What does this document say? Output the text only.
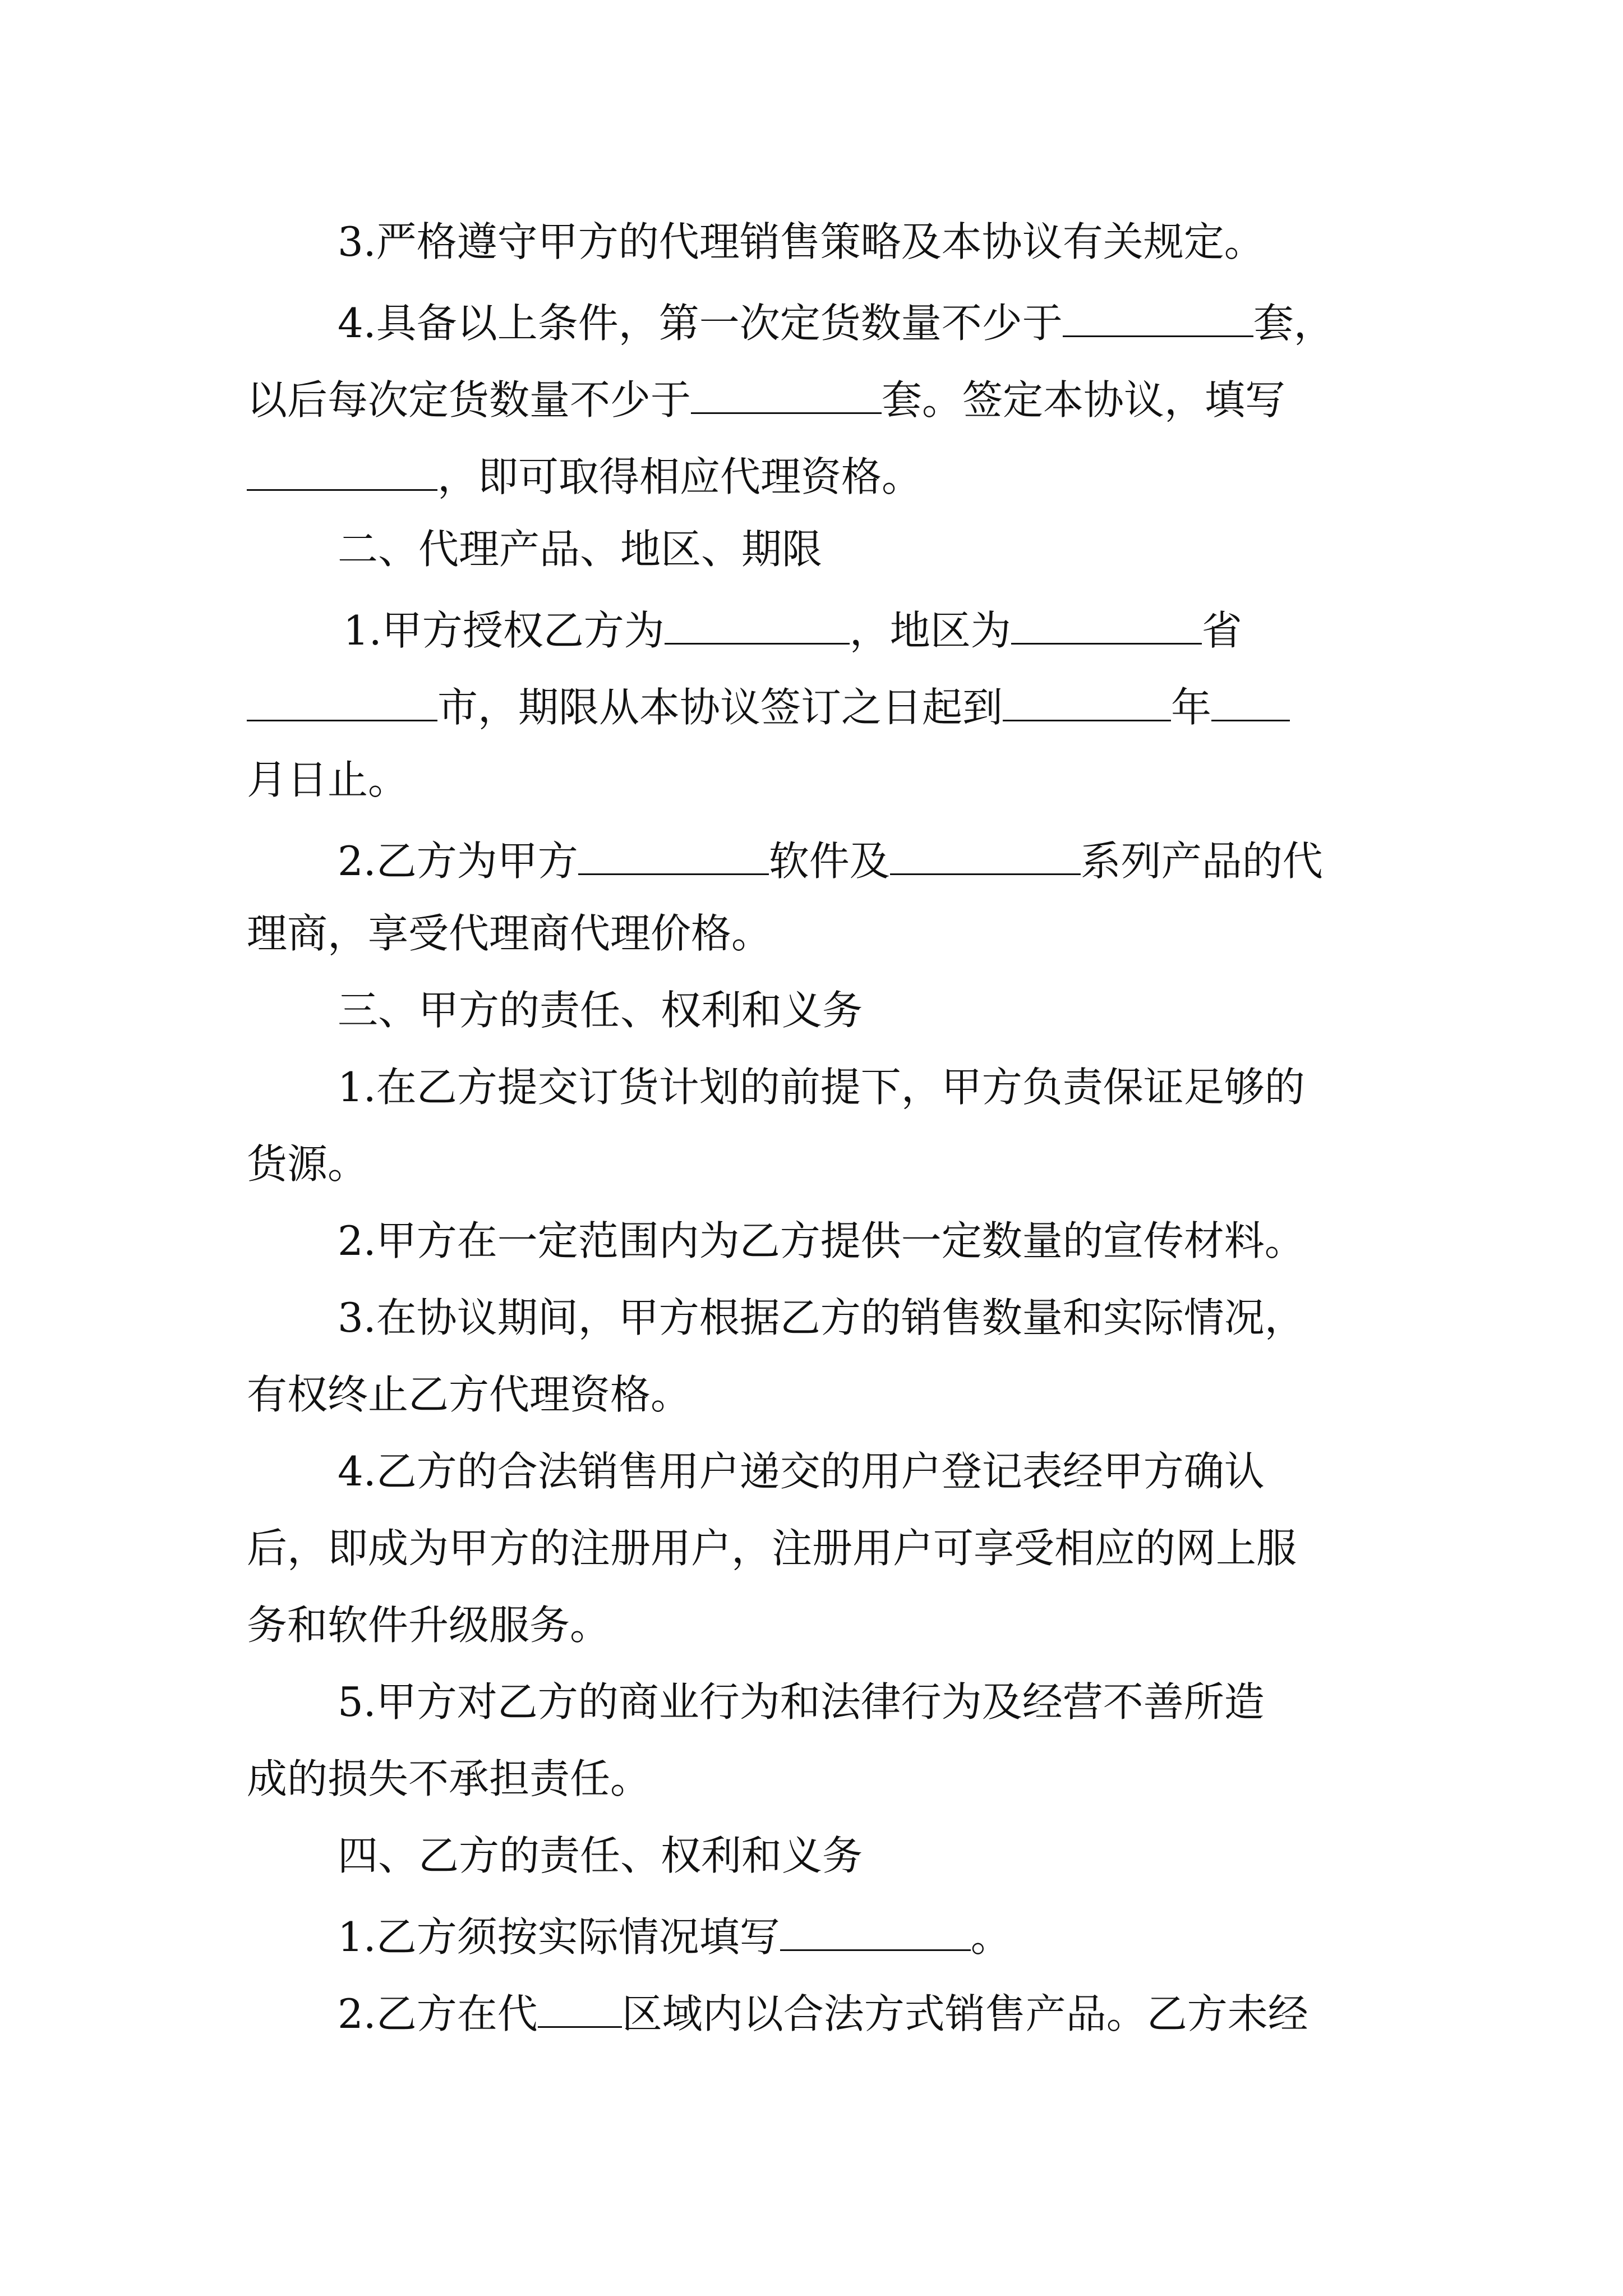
3.严格遵守甲方的代理销售策略及本协议有关规定。
4.具备以上条件，第一次定货数量不少于	套，
以后每次定货数量不少于	套。签定本协议，填写
，即可取得相应代理资格。
二、代理产品、地区、期限
1.甲方授权乙方为	，地区为	省
市，期限从本协议签订之日起到	年
月日止。
2.乙方为甲方	软件及	系列产品的代
理商，享受代理商代理价格。
三、甲方的责任、权利和义务
1.在乙方提交订货计划的前提下，甲方负责保证足够的
货源。
2.甲方在一定范围内为乙方提供一定数量的宣传材料。
3.在协议期间，甲方根据乙方的销售数量和实际情况，
有权终止乙方代理资格。
4.乙方的合法销售用户递交的用户登记表经甲方确认
后，即成为甲方的注册用户，注册用户可享受相应的网上服
务和软件升级服务。
5.甲方对乙方的商业行为和法律行为及经营不善所造
成的损失不承担责任。
四、乙方的责任、权利和义务
1.乙方须按实际情况填写	。
2.乙方在代 区域内以合法方式销售产品。乙方未经
